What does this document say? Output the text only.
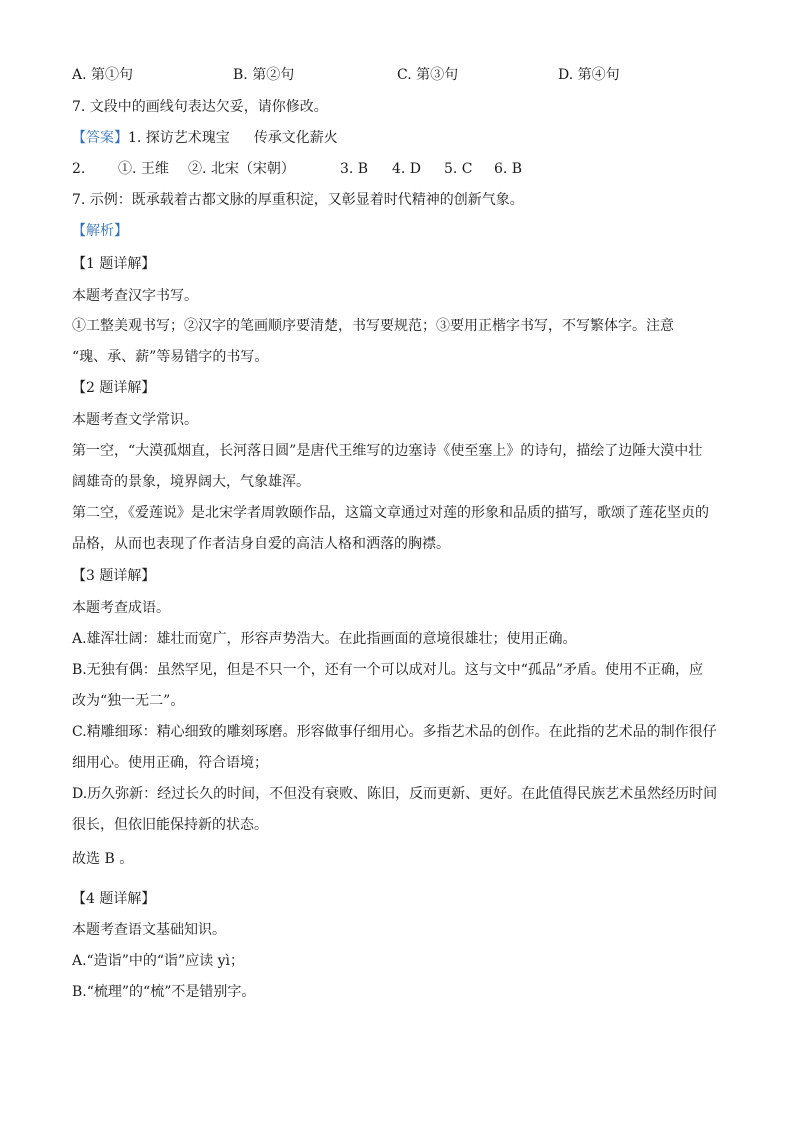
A. 第①句	B. 第②句	C. 第③句	D. 第④句
7. 文段中的画线句表达欠妥，请你修改。
【答案】1. 探访艺术瑰宝 传承文化薪火
2. ①. 王维 ②. 北宋（宋朝）	3. B 4. D 5. C 6. B
7. 示例：既承载着古都文脉的厚重积淀，又彰显着时代精神的创新气象。
【解析】
【1 题详解】
本题考查汉字书写。
①工整美观书写；②汉字的笔画顺序要清楚，书写要规范；③要用正楷字书写，不写繁体字。注意
“瑰、承、薪”等易错字的书写。
【2 题详解】
本题考查文学常识。
第一空，“大漠孤烟直，长河落日圆”是唐代王维写的边塞诗《使至塞上》的诗句，描绘了边陲大漠中壮
阔雄奇的景象，境界阔大，气象雄浑。
第二空，《爱莲说》是北宋学者周敦颐作品，这篇文章通过对莲的形象和品质的描写，歌颂了莲花坚贞的
品格，从而也表现了作者洁身自爱的高洁人格和洒落的胸襟。
【3 题详解】
本题考查成语。
A.雄浑壮阔：雄壮而宽广，形容声势浩大。在此指画面的意境很雄壮；使用正确。
B.无独有偶：虽然罕见，但是不只一个，还有一个可以成对儿。这与文中“孤品”矛盾。使用不正确，应
改为“独一无二”。
C.精雕细琢：精心细致的雕刻琢磨。形容做事仔细用心。多指艺术品的创作。在此指的艺术品的制作很仔
细用心。使用正确，符合语境；
D.历久弥新：经过长久的时间，不但没有衰败、陈旧，反而更新、更好。在此值得民族艺术虽然经历时间
很长，但依旧能保持新的状态。
故选 B 。
【4 题详解】
本题考查语文基础知识。
A.“造诣”中的“诣”应读 yì；
B.“梳理”的“梳”不是错别字。
